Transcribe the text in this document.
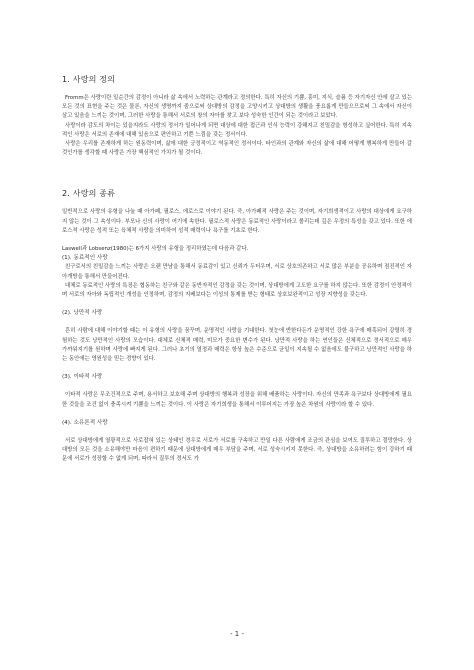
1. 사랑의 정의

Fromm은 사랑이란 일순간의 감정이 아니라 삶 속에서 노력하는 관계라고 정의한다. 특히 자신의 기쁨, 흥미, 지식, 슬픔 등 자기자신 안에 살고 있는 모든 것의 표현을 주는 것은 물론, 자신의 생명까지 줌으로써 상대방의 감정을 고양시키고 상대방의 생활을 풍요롭게 만들으므로써 그 속에서 자신이 살고 있음을 느끼는 것이며, 그러한 사랑을 통해서 서로의 창의 자아를 찾고 보다 성숙한 인간이 되는 것이라고 보았다.

사랑이라 감도의 차이는 있을지라도 사랑의 정서가 일어나게 되면 대상에 대한 접근과 인식 능력이 강해지고 친밀감을 형성하고 싶어한다. 특히 지속적인 사랑은 서로의 존재에 대해 있음으로 편안하고 기쁜 느낌을 갖는 정서이다.

사랑은 우리를 존재하게 하는 원동력이며, 삶에 대한 긍정적이고 역동적인 정서이다. 타인과의 관계와 자신의 삶에 대해 어떻게 행복하게 만들어 갈 것인가를 생각할 때 사랑은 가장 핵심적인 가치가 될 것이다.

2. 사랑의 종류

일반적으로 사랑의 유형을 나눌 때 아가페, 필로스, 에로스로 이야기 된다. 즉, 아가페적 사랑은 주는 것이며, 자기희생적이고 사랑의 대상에게 요구하지 않는 것이 그 속성이다. 부모나 신의 사랑이 여기에 속한다. 필로스적 사랑은 동료적인 사랑이라고 볼리는데 깊은 우정의 특성을 갖고 있다. 또한 에로스적 사랑은 성적 또는 육체적 사랑을 의미하여 성적 매력이나 욕구를 기초로 한다.

Laswell과 Lobsenz(1980)는 6가지 사랑의 유형을 정리하였는데 다음과 같다.

(1). 동료적인 사랑

친구로서의 친밀감을 느끼는 사랑은 오랜 만남을 통해서 동료감이 있고 신뢰가 두터우며, 서로 상호의존하고 서로 많은 부분을 공유하며 점진적인 자아개방을 통해서 만들어진다.

대체로 동료적인 사랑의 특징은 협동하는 친구와 같은 동반자적인 감정을 갖는 것이며, 상대방에게 고도한 요구를 하지 않는다. 또한 감정이 안정적이며 서로의 자아와 독립적인 개성을 인정하며, 감정의 지배보다는 이성의 통제를 받는 형태로 상호보완적이고 성장 지향성을 갖는다.

(2). 낭만적 사랑

흔히 사람에 대해 이야기할 때는 이 유형의 사랑을 꿈꾸며, 운명적인 사랑을 기대한다. 첫눈에 반한다든가 운명적인 강한 욕구에 매혹되어 강렬히 경험하는 것도 낭만적인 사랑의 모습이다. 대체로 신체적 매력, 미모가 중요한 변수가 된다. 낭만적 사랑을 하는 연인들은 신체적으로 정서적으로 매우 가까워지기를 원하며 사랑에 빠지게 된다. 그러나 초기의 열정과 매력은 항상 높은 수준으로 균일이 지속될 수 없음에도 불구하고 낭만적인 사랑을 하는 동안에는 영원성을 믿는 경향이 있다.

(3). 이타적 사랑

이타적 사랑은 무조건적으로 주며, 용서하고 보호해 주며 상대방의 행복과 성장을 위해 배품하는 사랑이다. 자신의 만족과 욕구보다 상대방에게 필요한 것들을 조건 없이 충족시켜 기쁨을 느끼는 것이다. 이 사랑은 자기희생을 통해서 이루어지는 가장 높은 차원의 사랑이라 할 수 있다.

(4). 소유론적 사랑

서로 상대방에게 열광적으로 사로잡혀 있는 상태인 경우로 서로가 서로를 구속하고 만일 다른 사람에게 조금의 관심을 보여도 질투하고 절망한다. 상대방의 모든 것을 소유해야만 마음이 편하기 때문에 상대방에게 매우 부담을 주며, 서로 성숙시키지 못한다. 즉, 상대방을 소유하려는 힘이 강하기 때문에 서로가 성장할 수 없게 되며, 따라서 질투의 정서도 가

- 1 -
